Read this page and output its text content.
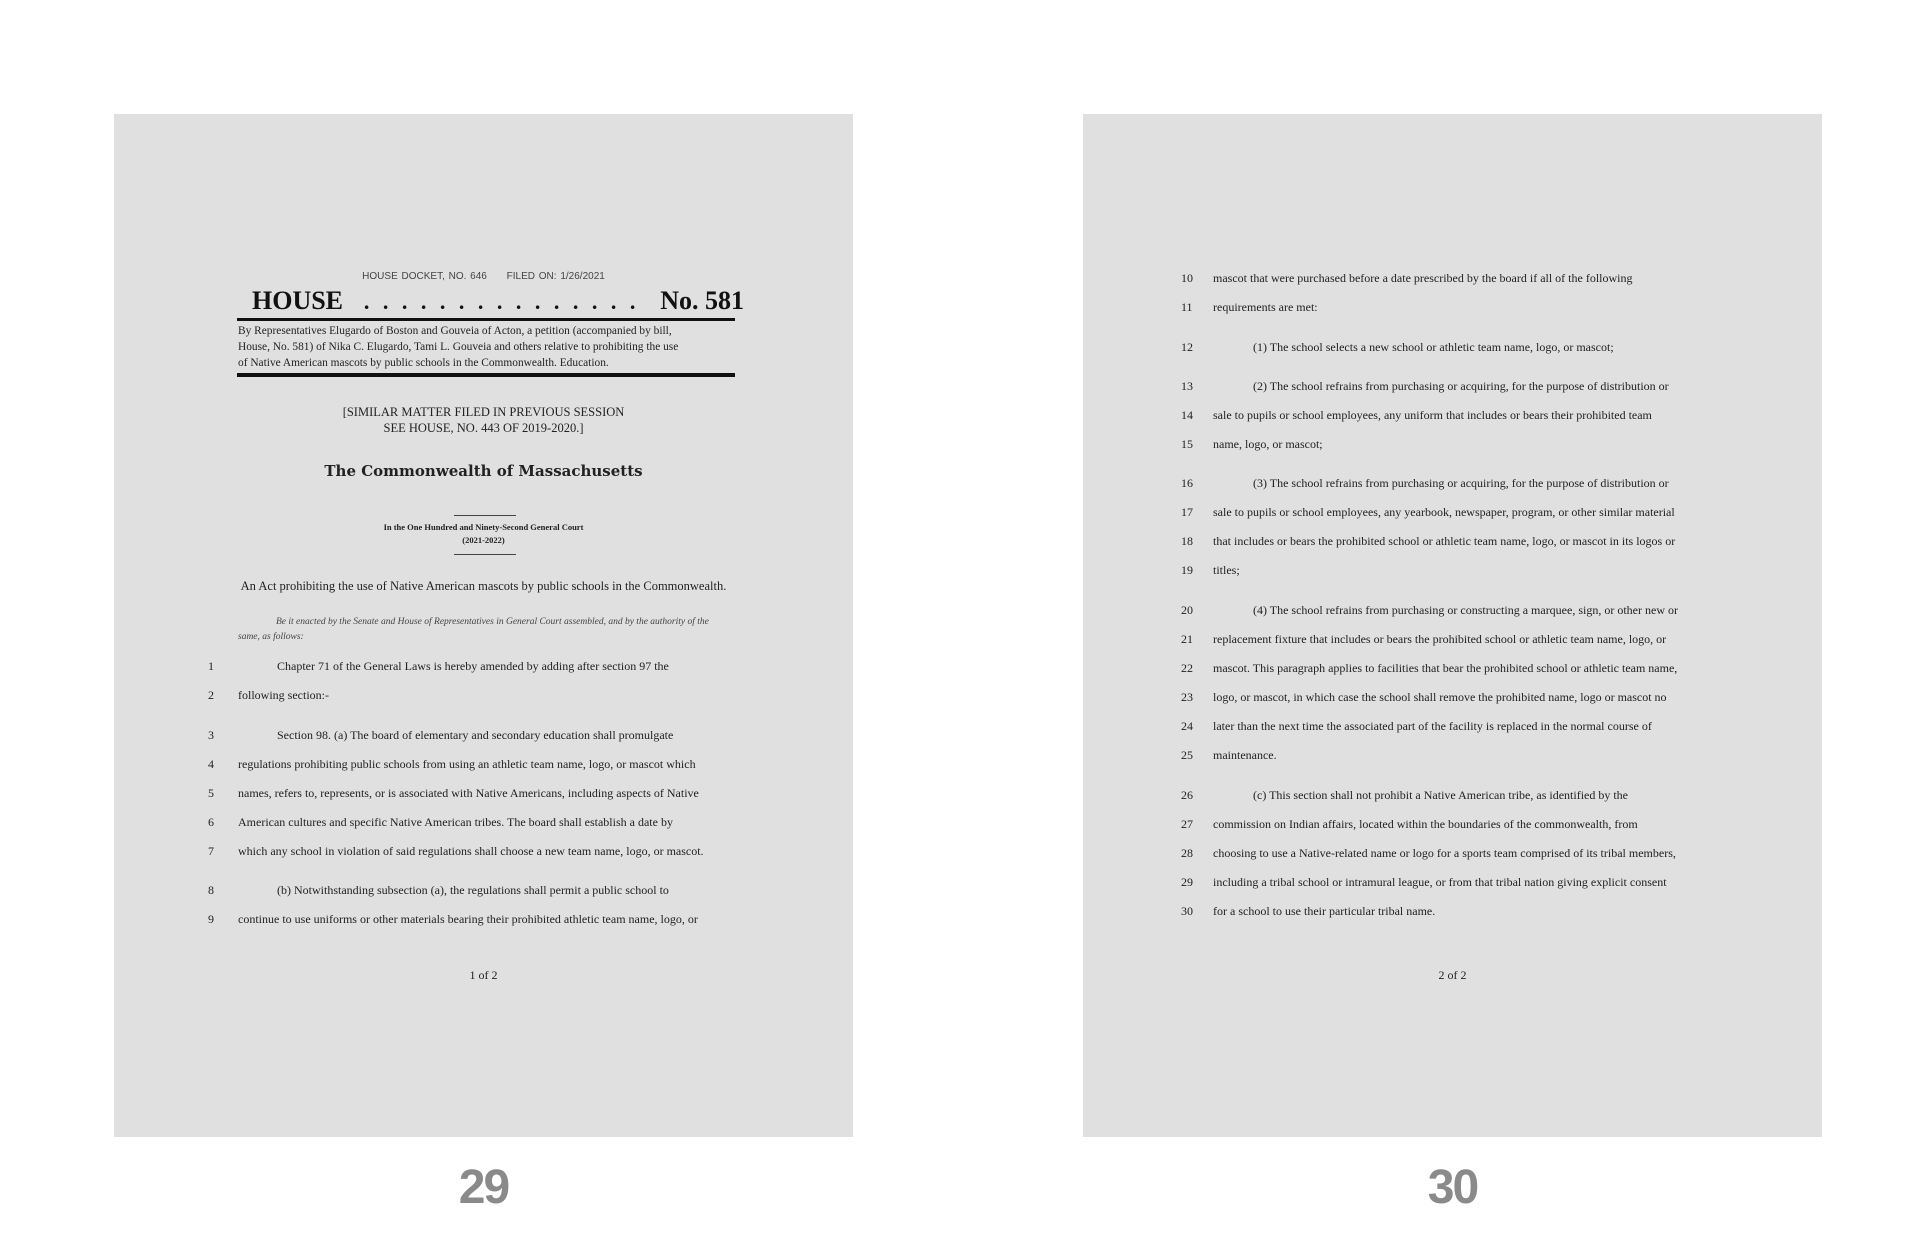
HOUSE DOCKET, NO. 646 FILED ON: 1/26/2021
HOUSE . . . . . . . . . . . . . . . No. 581
By Representatives Elugardo of Boston and Gouveia of Acton, a petition (accompanied by bill,
House, No. 581) of Nika C. Elugardo, Tami L. Gouveia and others relative to prohibiting the use
of Native American mascots by public schools in the Commonwealth. Education.
[SIMILAR MATTER FILED IN PREVIOUS SESSION
SEE HOUSE, NO. 443 OF 2019-2020.]
The Commonwealth of Massachusetts
In the One Hundred and Ninety-Second General Court
(2021-2022)
An Act prohibiting the use of Native American mascots by public schools in the Commonwealth.
Be it enacted by the Senate and House of Representatives in General Court assembled, and by the authority of the same, as follows:
1	Chapter 71 of the General Laws is hereby amended by adding after section 97 the
2	following section:-
3	Section 98. (a) The board of elementary and secondary education shall promulgate
4	regulations prohibiting public schools from using an athletic team name, logo, or mascot which
5	names, refers to, represents, or is associated with Native Americans, including aspects of Native
6	American cultures and specific Native American tribes. The board shall establish a date by
7	which any school in violation of said regulations shall choose a new team name, logo, or mascot.
8	(b) Notwithstanding subsection (a), the regulations shall permit a public school to
9	continue to use uniforms or other materials bearing their prohibited athletic team name, logo, or
1 of 2
10	mascot that were purchased before a date prescribed by the board if all of the following
11	requirements are met:
12	(1) The school selects a new school or athletic team name, logo, or mascot;
13	(2) The school refrains from purchasing or acquiring, for the purpose of distribution or
14	sale to pupils or school employees, any uniform that includes or bears their prohibited team
15	name, logo, or mascot;
16	(3) The school refrains from purchasing or acquiring, for the purpose of distribution or
17	sale to pupils or school employees, any yearbook, newspaper, program, or other similar material
18	that includes or bears the prohibited school or athletic team name, logo, or mascot in its logos or
19	titles;
20	(4) The school refrains from purchasing or constructing a marquee, sign, or other new or
21	replacement fixture that includes or bears the prohibited school or athletic team name, logo, or
22	mascot. This paragraph applies to facilities that bear the prohibited school or athletic team name,
23	logo, or mascot, in which case the school shall remove the prohibited name, logo or mascot no
24	later than the next time the associated part of the facility is replaced in the normal course of
25	maintenance.
26	(c) This section shall not prohibit a Native American tribe, as identified by the
27	commission on Indian affairs, located within the boundaries of the commonwealth, from
28	choosing to use a Native-related name or logo for a sports team comprised of its tribal members,
29	including a tribal school or intramural league, or from that tribal nation giving explicit consent
30	for a school to use their particular tribal name.
2 of 2
29	30
